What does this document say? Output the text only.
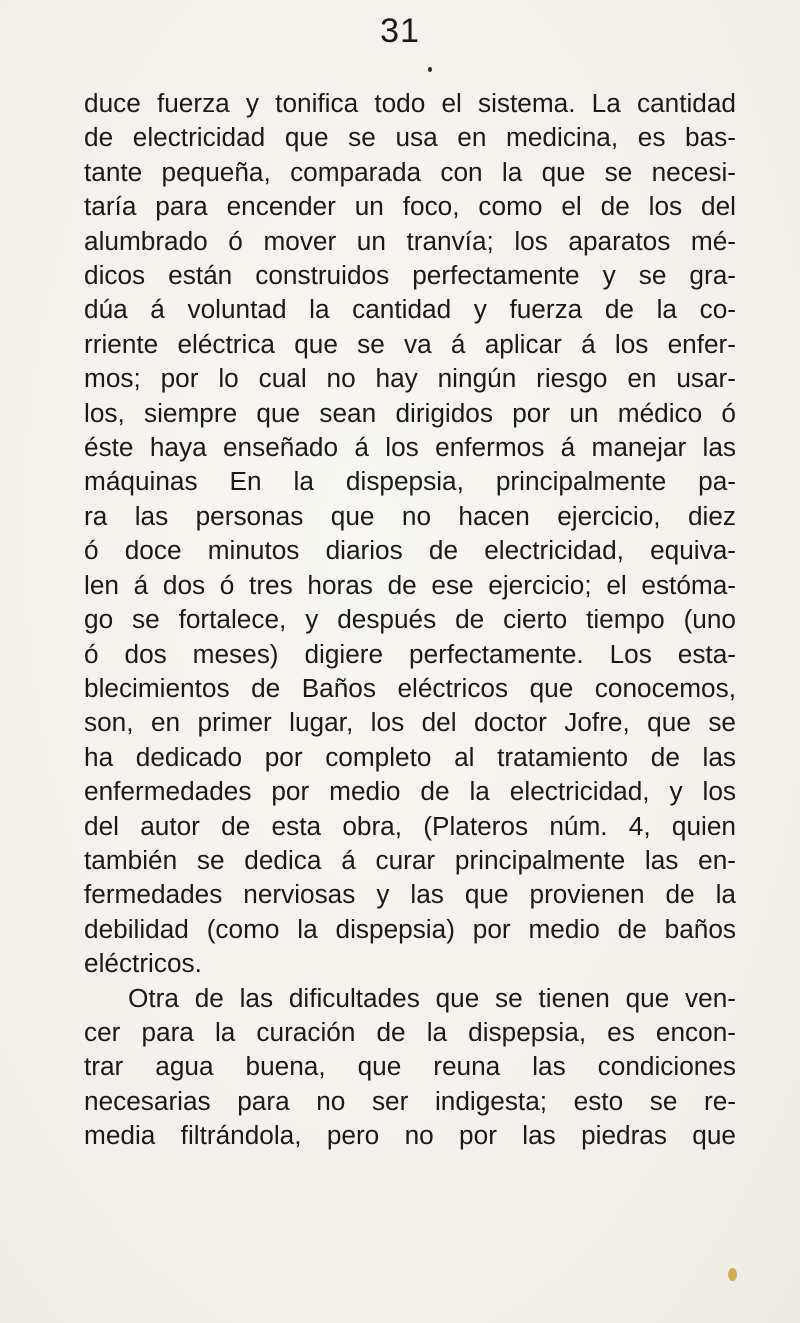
31
duce fuerza y tonifica todo el sistema. La cantidad
de electricidad que se usa en medicina, es bas-
tante pequeña, comparada con la que se necesi-
taría para encender un foco, como el de los del
alumbrado ó mover un tranvía; los aparatos mé-
dicos están construidos perfectamente y se gra-
dúa á voluntad la cantidad y fuerza de la co-
rriente eléctrica que se va á aplicar á los enfer-
mos; por lo cual no hay ningún riesgo en usar-
los, siempre que sean dirigidos por un médico ó
éste haya enseñado á los enfermos á manejar las
máquinas En la dispepsia, principalmente pa-
ra las personas que no hacen ejercicio, diez
ó doce minutos diarios de electricidad, equiva-
len á dos ó tres horas de ese ejercicio; el estóma-
go se fortalece, y después de cierto tiempo (uno
ó dos meses) digiere perfectamente. Los esta-
blecimientos de Baños eléctricos que conocemos,
son, en primer lugar, los del doctor Jofre, que se
ha dedicado por completo al tratamiento de las
enfermedades por medio de la electricidad, y los
del autor de esta obra, (Plateros núm. 4, quien
también se dedica á curar principalmente las en-
fermedades nerviosas y las que provienen de la
debilidad (como la dispepsia) por medio de baños
eléctricos.
Otra de las dificultades que se tienen que ven-
cer para la curación de la dispepsia, es encon-
trar agua buena, que reuna las condiciones
necesarias para no ser indigesta; esto se re-
media filtrándola, pero no por las piedras que
